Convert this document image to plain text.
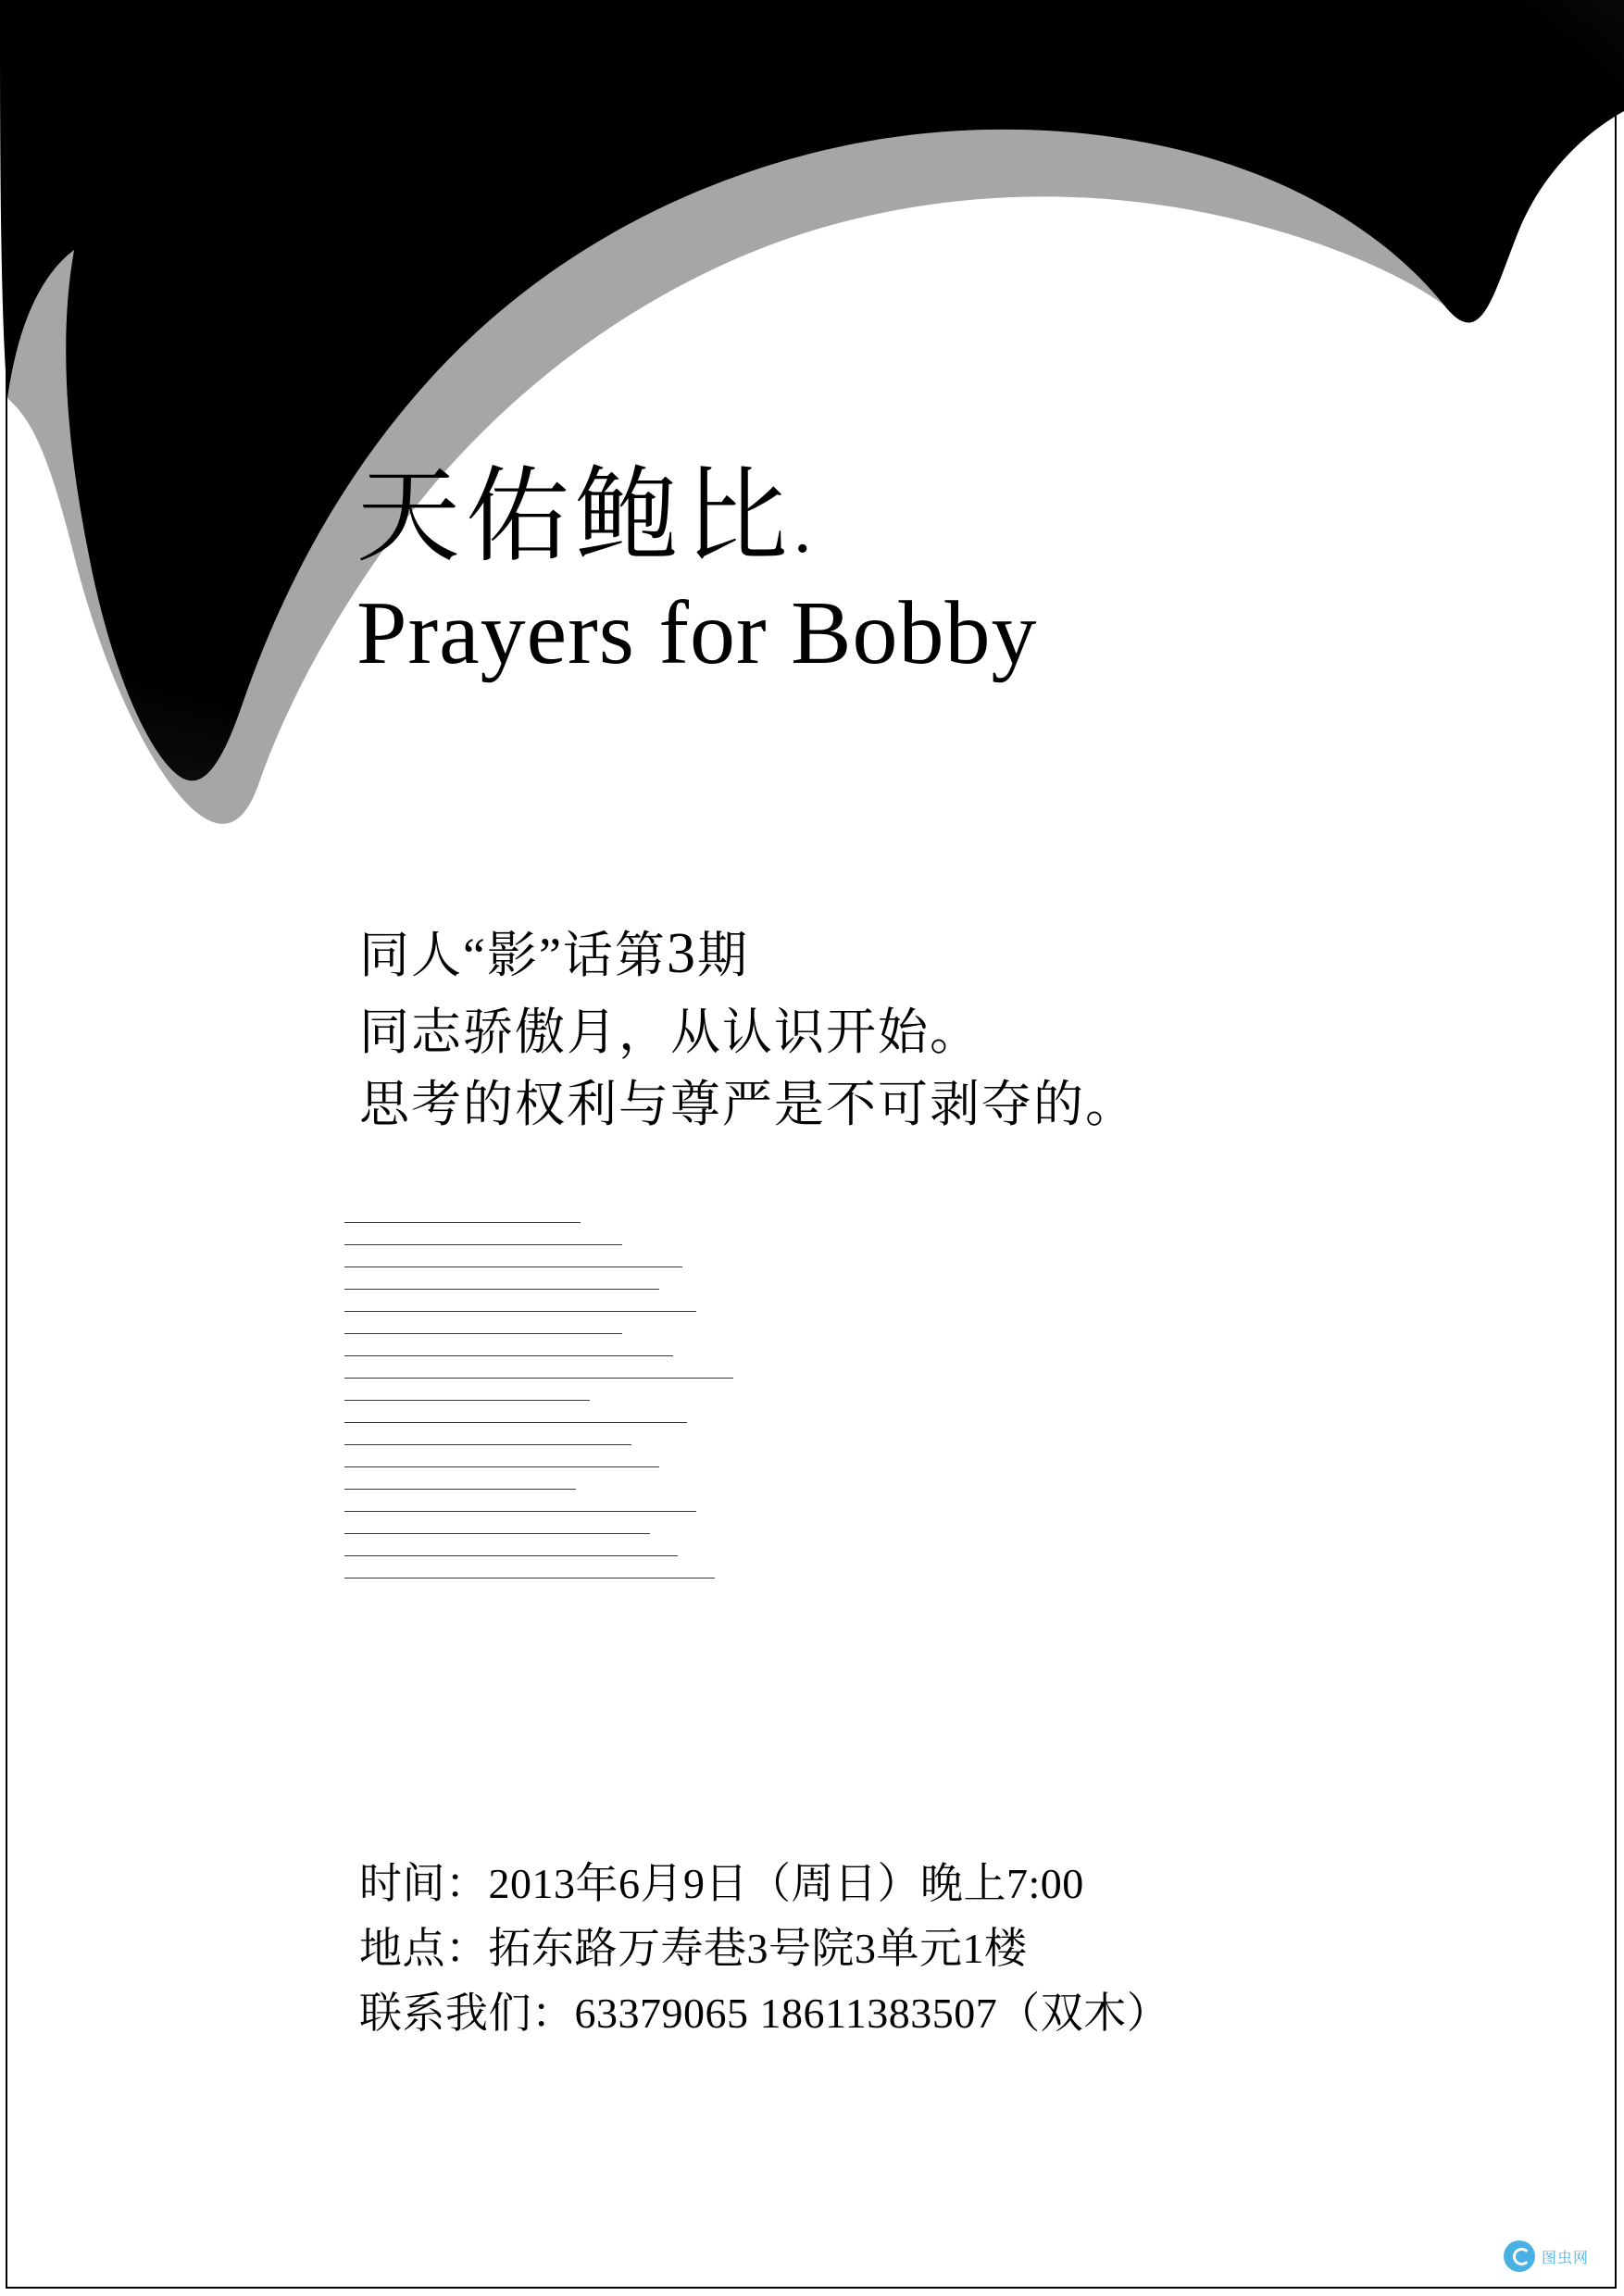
天佑鲍比.
Prayers for Bobby
同人“影”话第3期
同志骄傲月，从认识开始。
思考的权利与尊严是不可剥夺的。
时间：2013年6月9日（周日）晚上7:00
地点：拓东路万寿巷3号院3单元1楼
联系我们：63379065 18611383507（双木）
图虫网
